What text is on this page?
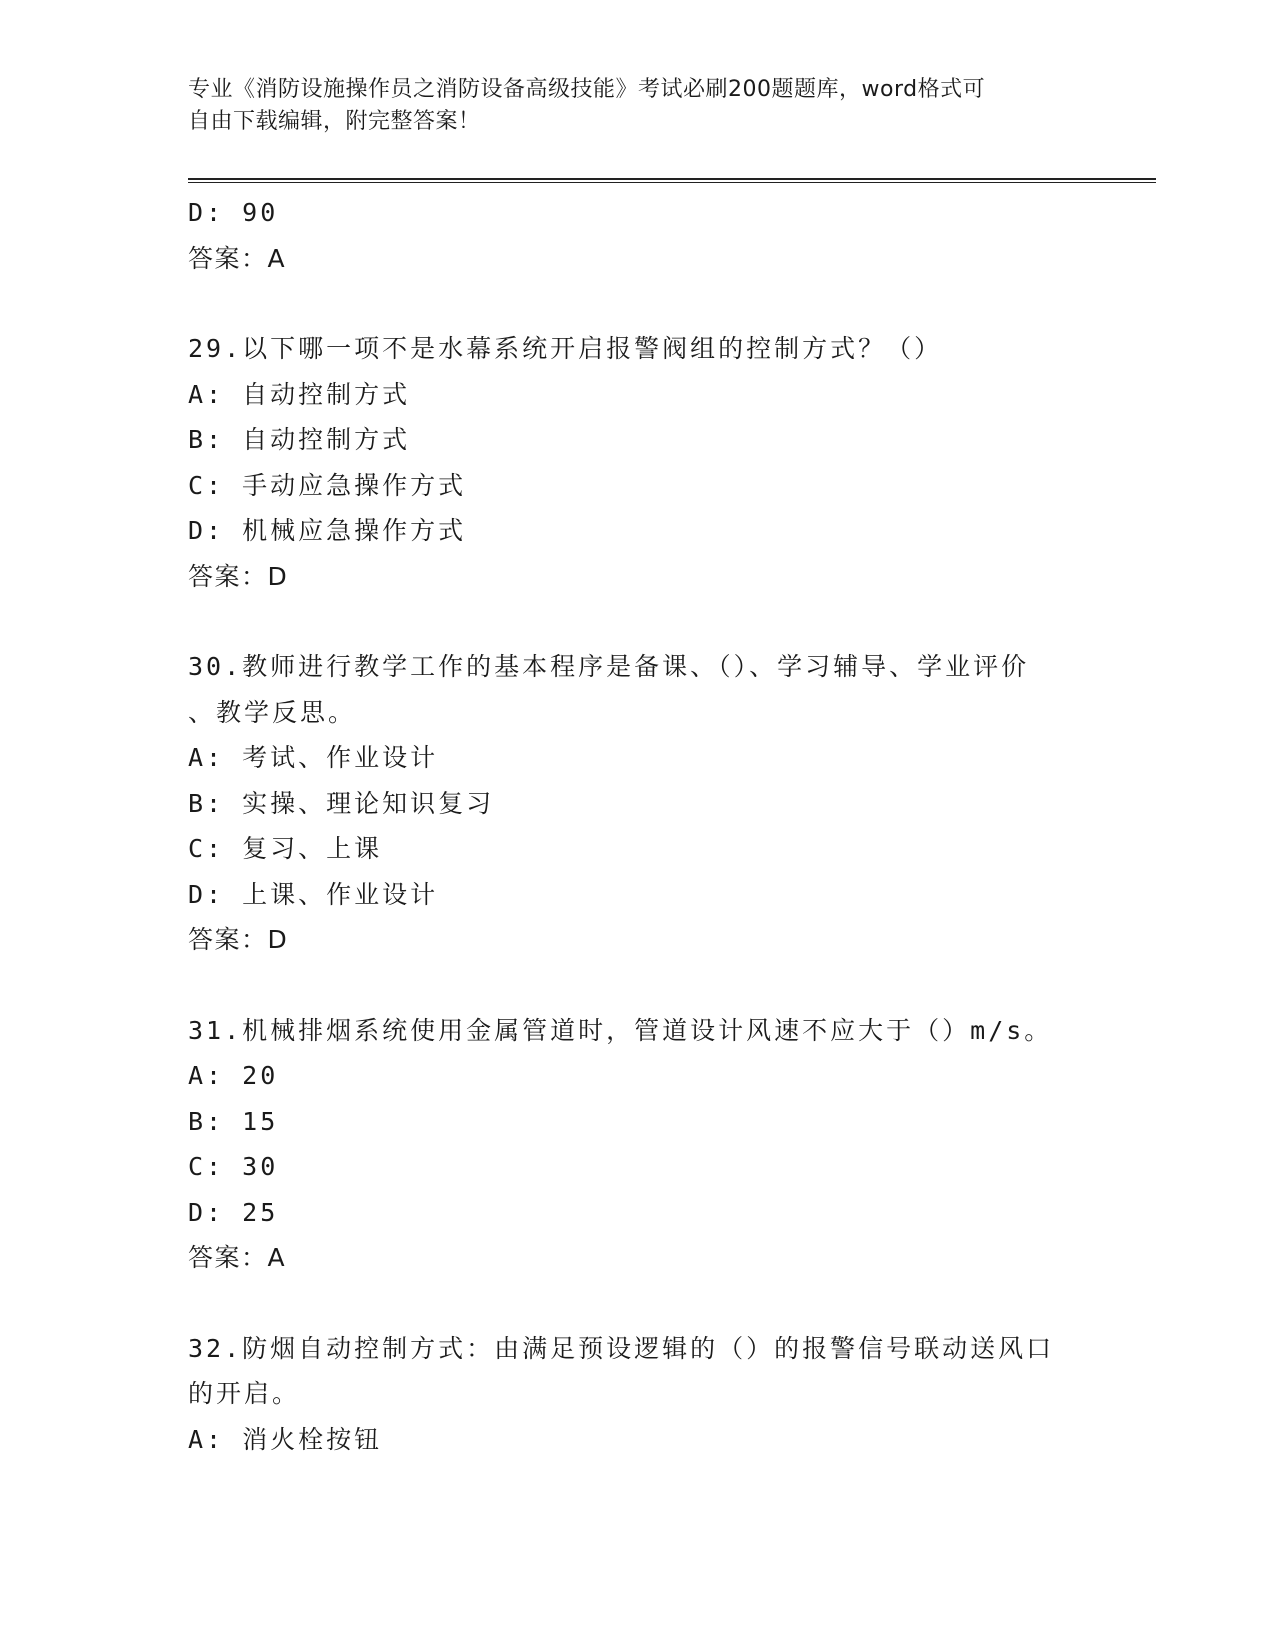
专业《消防设施操作员之消防设备高级技能》考试必刷200题题库，word格式可
自由下载编辑，附完整答案！
D: 90
答案：A
29.以下哪一项不是水幕系统开启报警阀组的控制方式？（）
A: 自动控制方式
B: 自动控制方式
C: 手动应急操作方式
D: 机械应急操作方式
答案：D
30.教师进行教学工作的基本程序是备课、（）、学习辅导、学业评价
、教学反思。
A: 考试、作业设计
B: 实操、理论知识复习
C: 复习、上课
D: 上课、作业设计
答案：D
31.机械排烟系统使用金属管道时，管道设计风速不应大于（）m/s。
A: 20
B: 15
C: 30
D: 25
答案：A
32.防烟自动控制方式：由满足预设逻辑的（）的报警信号联动送风口
的开启。
A: 消火栓按钮
